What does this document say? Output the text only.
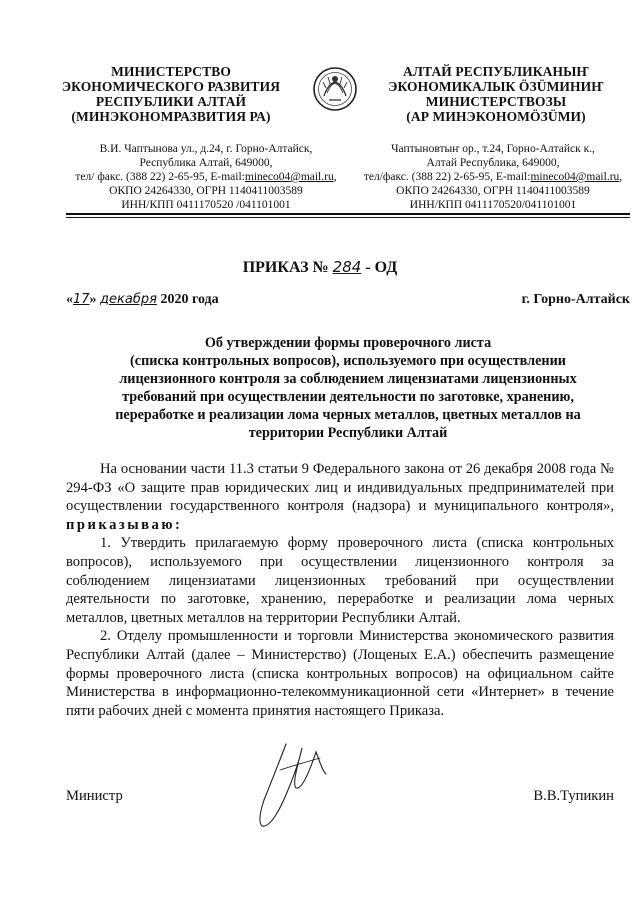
МИНИСТЕРСТВО
ЭКОНОМИЧЕСКОГО РАЗВИТИЯ
РЕСПУБЛИКИ АЛТАЙ
(МИНЭКОНОМРАЗВИТИЯ РА)
АЛТАЙ РЕСПУБЛИКАНЫҤ
ЭКОНОМИКАЛЫК ÖЗÜМИНИҤ
МИНИСТЕРСТВОЗЫ
(АР МИНЭКОНОМÖЗÜМИ)
В.И. Чаптынова ул., д.24, г. Горно-Алтайск,
Республика Алтай, 649000,
тел/ факс. (388 22) 2-65-95, E-mail:mineco04@mail.ru,
ОКПО 24264330, ОГРН 1140411003589
ИНН/КПП 0411170520 /041101001
Чаптыновтыҥ ор., т.24, Горно-Алтайск к.,
Алтай Республика, 649000,
тел/факс. (388 22) 2-65-95, E-mail:mineco04@mail.ru,
ОКПО 24264330, ОГРН 1140411003589
ИНН/КПП 0411170520/041101001
ПРИКАЗ № 284 - ОД
«17» декабря 2020 года	г. Горно-Алтайск
Об утверждении формы проверочного листа
(списка контрольных вопросов), используемого при осуществлении
лицензионного контроля за соблюдением лицензиатами лицензионных
требований при осуществлении деятельности по заготовке, хранению,
переработке и реализации лома черных металлов, цветных металлов на
территории Республики Алтай

На основании части 11.3 статьи 9 Федерального закона от 26 декабря 2008 года № 294-ФЗ «О защите прав юридических лиц и индивидуальных предпринимателей при осуществлении государственного контроля (надзора) и муниципального контроля», приказываю:

1. Утвердить прилагаемую форму проверочного листа (списка контрольных вопросов), используемого при осуществлении лицензионного контроля за соблюдением лицензиатами лицензионных требований при осуществлении деятельности по заготовке, хранению, переработке и реализации лома черных металлов, цветных металлов на территории Республики Алтай.

2. Отделу промышленности и торговли Министерства экономического развития Республики Алтай (далее – Министерство) (Лощеных Е.А.) обеспечить размещение формы проверочного листа (списка контрольных вопросов) на официальном сайте Министерства в информационно-телекоммуникационной сети «Интернет» в течение пяти рабочих дней с момента принятия настоящего Приказа.

Министр	В.В.Тупикин
